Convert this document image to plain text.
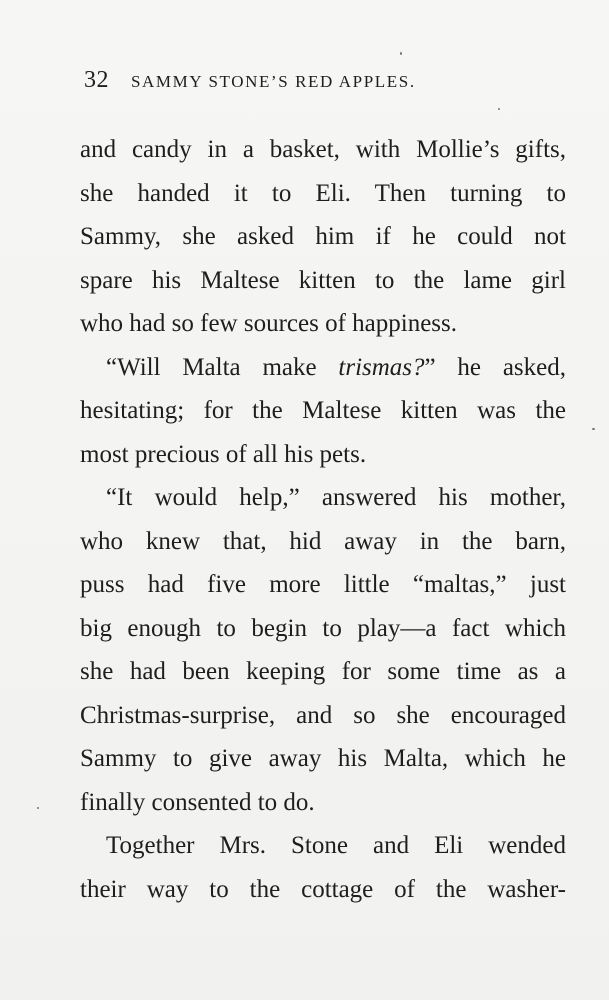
32 SAMMY STONE’S RED APPLES.
and candy in a basket, with Mollie’s gifts,
she handed it to Eli. Then turning to
Sammy, she asked him if he could not
spare his Maltese kitten to the lame girl
who had so few sources of happiness.
“Will Malta make trismas?” he asked,
hesitating; for the Maltese kitten was the
most precious of all his pets.
“It would help,” answered his mother,
who knew that, hid away in the barn,
puss had five more little “maltas,” just
big enough to begin to play—a fact which
she had been keeping for some time as a
Christmas-surprise, and so she encouraged
Sammy to give away his Malta, which he
finally consented to do.
Together Mrs. Stone and Eli wended
their way to the cottage of the washer-
